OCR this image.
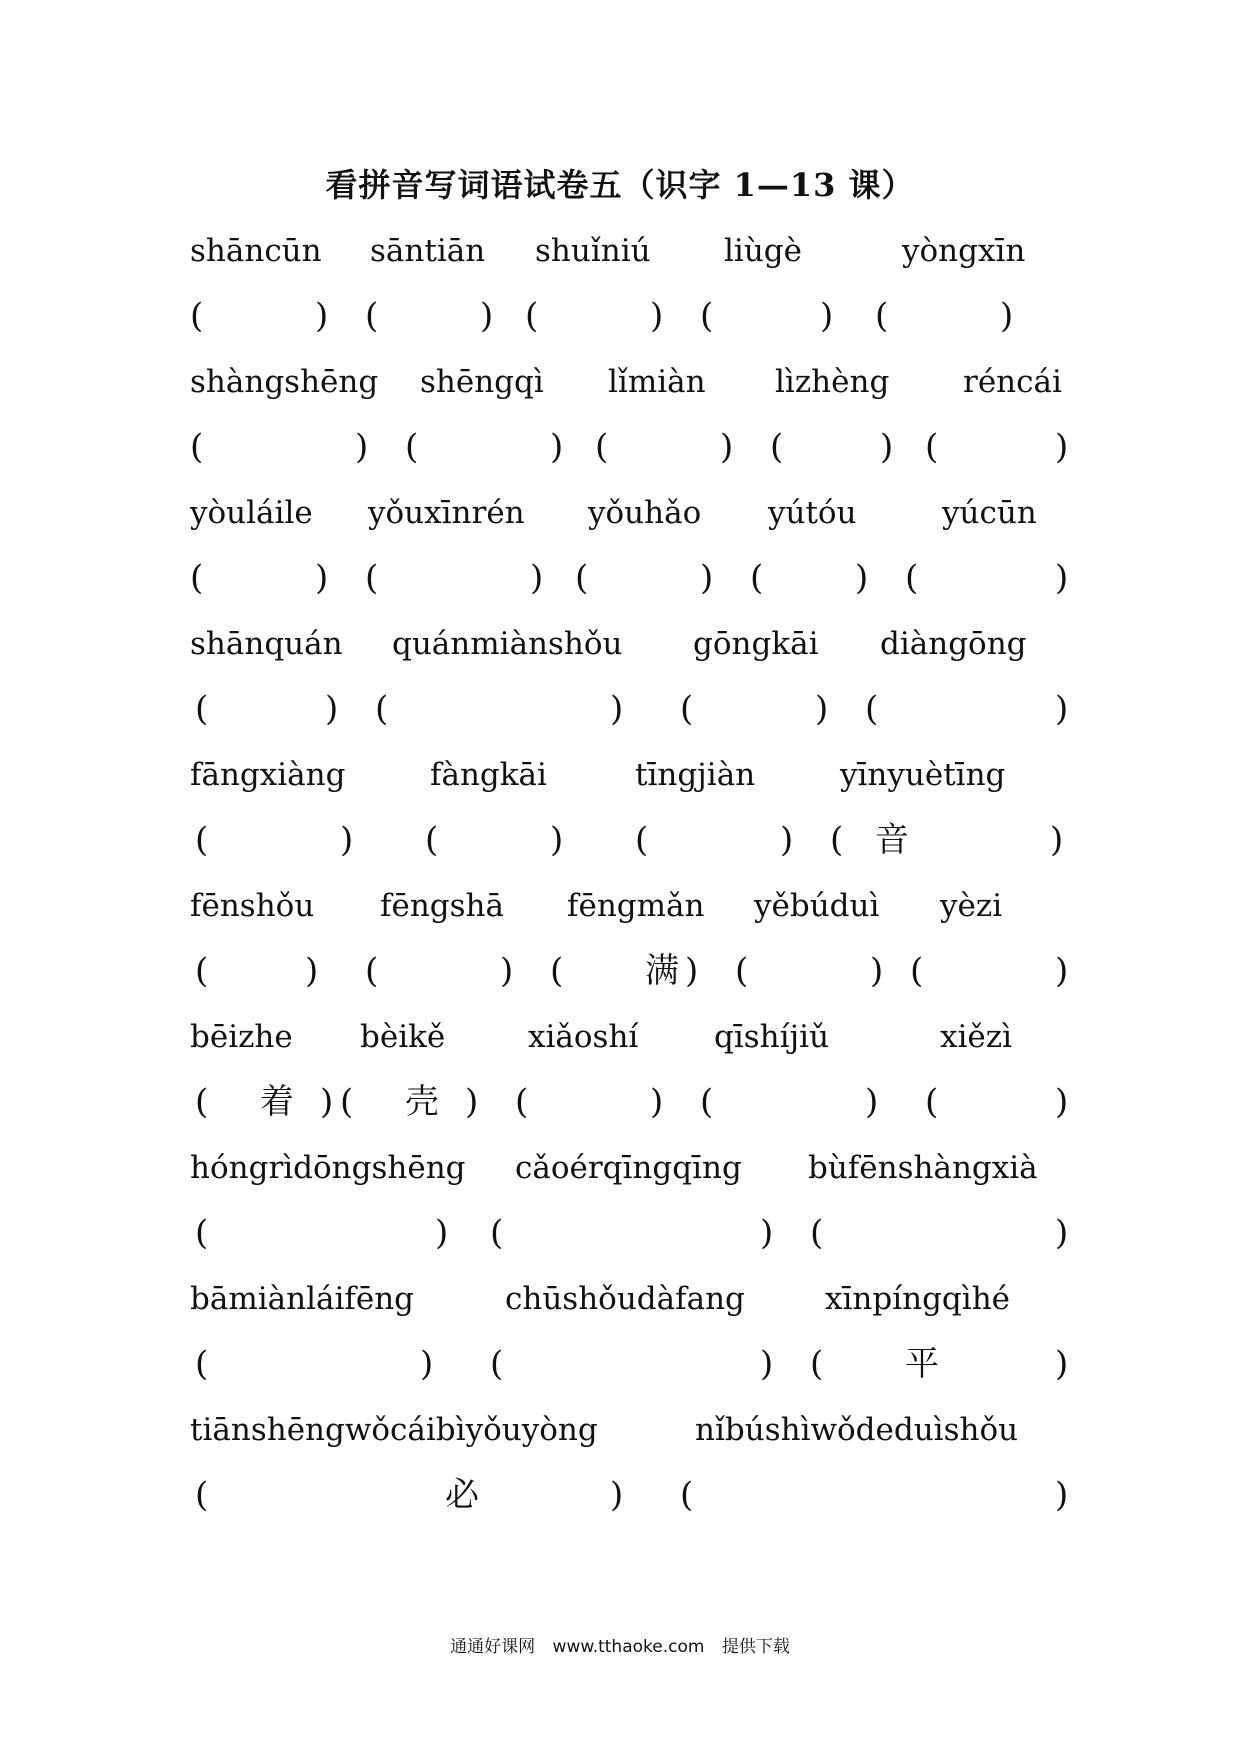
看拼音写词语试卷五（识字 1—13 课）
shāncūn sāntiān shuǐniú liùgè	yòngxīn
(	) (	) (	) (	) (	)
shàngshēng shēngqì lǐmiàn lìzhèng réncái
(	) (	) (	) (	) (	)
yòuláile yǒuxīnrén yǒuhǎo yútóu	yúcūn
(	) (	) (	) (	) (	)
shānquán quánmiànshǒu gōngkāi diàngōng
(	) (	) (	) (	)
fāngxiàng	fàngkāi	tīngjiàn	yīnyuètīng
(	) (	) (	) ( 音	)
fēnshǒu fēngshā fēngmǎn yěbúduì yèzi
(	) (	) ( 满 ) (	) (	)
bēizhe bèikě	xiǎoshí qīshíjiǔ	xiězì
( 着 ) ( 壳 ) (	) (	) (	)
hóngrìdōngshēng cǎoérqīngqīng bùfēnshàngxià
(	) (	) (	)
bāmiànláifēng	chūshǒudàfang	xīnpíngqìhé
(	) (	) ( 平	)
tiānshēngwǒcáibìyǒuyòng	nǐbúshìwǒdeduìshǒu
(	必	) (	)
通通好课网 www.tthaoke.com 提供下载
